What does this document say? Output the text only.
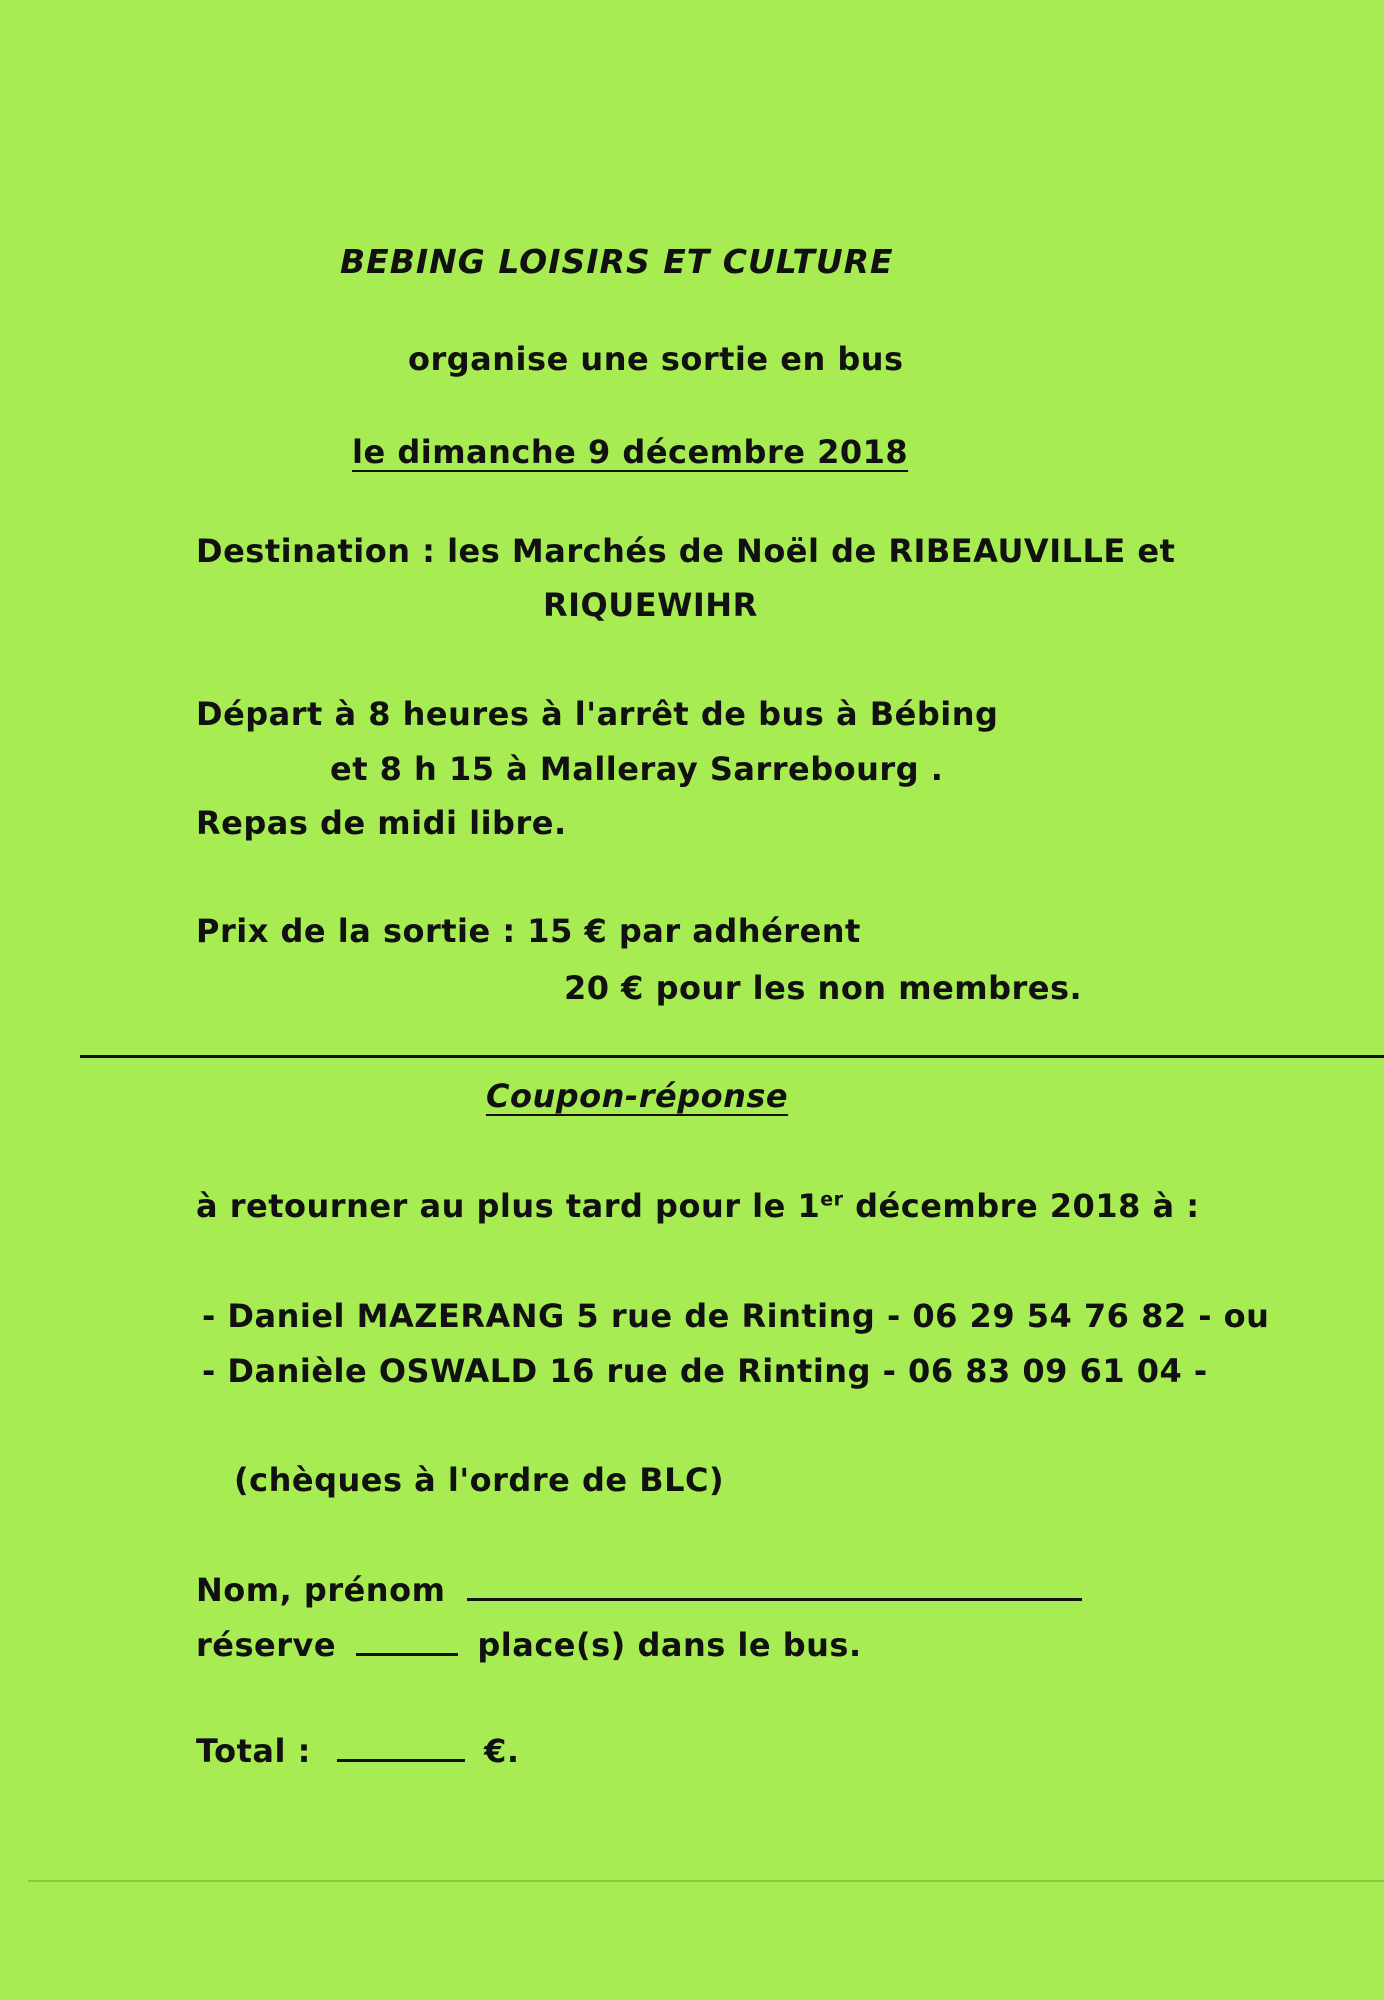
BEBING LOISIRS ET CULTURE
organise une sortie en bus
le dimanche 9 décembre 2018
Destination : les Marchés de Noël de RIBEAUVILLE et
RIQUEWIHR
Départ à 8 heures à l'arrêt de bus à Bébing
et 8 h 15 à Malleray Sarrebourg .
Repas de midi libre.
Prix de la sortie : 15 € par adhérent
20 € pour les non membres.
Coupon-réponse
à retourner au plus tard pour le 1er décembre 2018 à :
- Daniel MAZERANG 5 rue de Rinting - 06 29 54 76 82 - ou
- Danièle OSWALD 16 rue de Rinting - 06 83 09 61 04 -
(chèques à l'ordre de BLC)
Nom, prénom
réserve	place(s) dans le bus.
Total :	€.
